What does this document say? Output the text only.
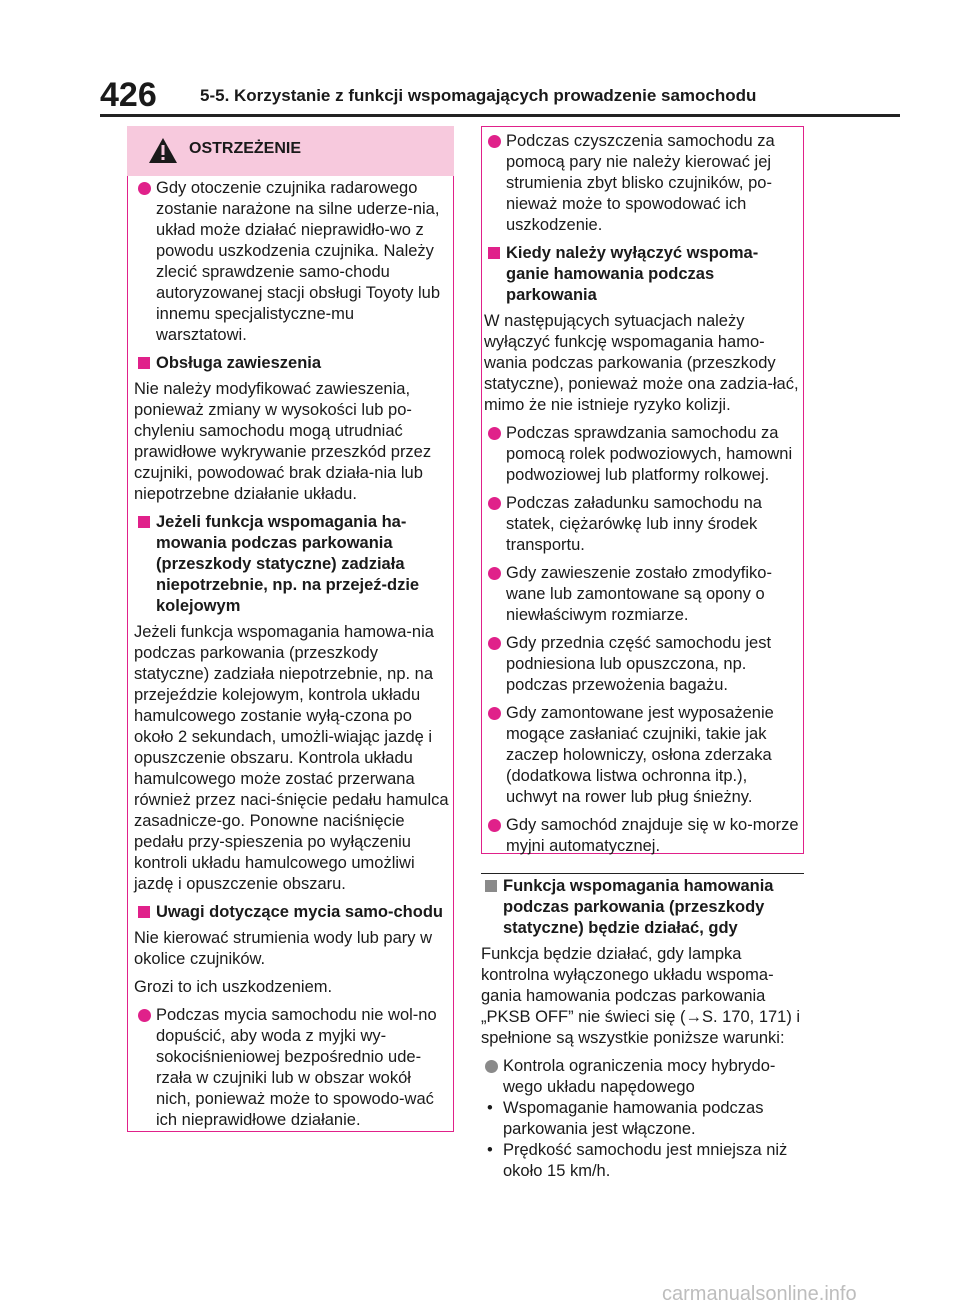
426	5-5. Korzystanie z funkcji wspomagających prowadzenie samochodu
OSTRZEŻENIE
Gdy otoczenie czujnika radarowego zostanie narażone na silne uderze-nia, układ może działać nieprawidło-wo z powodu uszkodzenia czujnika. Należy zlecić sprawdzenie samo-chodu autoryzowanej stacji obsługi Toyoty lub innemu specjalistyczne-mu warsztatowi.
Obsługa zawieszenia

Nie należy modyfikować zawieszenia, ponieważ zmiany w wysokości lub po-chyleniu samochodu mogą utrudniać prawidłowe wykrywanie przeszkód przez czujniki, powodować brak działa-nia lub niepotrzebne działanie układu.

Jeżeli funkcja wspomagania ha-mowania podczas parkowania (przeszkody statyczne) zadziała niepotrzebnie, np. na przejeź-dzie kolejowym

Jeżeli funkcja wspomagania hamowa-nia podczas parkowania (przeszkody statyczne) zadziała niepotrzebnie, np. na przejeździe kolejowym, kontrola układu hamulcowego zostanie wyłą-czona po około 2 sekundach, umożli-wiając jazdę i opuszczenie obszaru. Kontrola układu hamulcowego może zostać przerwana również przez naci-śnięcie pedału hamulca zasadnicze-go. Ponowne naciśnięcie pedału przy-spieszenia po wyłączeniu kontroli układu hamulcowego umożliwi jazdę i opuszczenie obszaru.

Uwagi dotyczące mycia samo-chodu

Nie kierować strumienia wody lub pary w okolice czujników.

Grozi to ich uszkodzeniem.

Podczas mycia samochodu nie wol-no dopuścić, aby woda z myjki wy-sokociśnieniowej bezpośrednio ude-rzała w czujniki lub w obszar wokół nich, ponieważ może to spowodo-wać ich nieprawidłowe działanie.
Podczas czyszczenia samochodu za pomocą pary nie należy kierować jej strumienia zbyt blisko czujników, po-nieważ może to spowodować ich uszkodzenie.
Kiedy należy wyłączyć wspoma-ganie hamowania podczas parkowania

W następujących sytuacjach należy wyłączyć funkcję wspomagania hamo-wania podczas parkowania (przeszkody statyczne), ponieważ może ona zadzia-łać, mimo że nie istnieje ryzyko kolizji.

Podczas sprawdzania samochodu za pomocą rolek podwoziowych, hamowni podwoziowej lub platformy rolkowej.
Podczas załadunku samochodu na statek, ciężarówkę lub inny środek transportu.
Gdy zawieszenie zostało zmodyfiko-wane lub zamontowane są opony o niewłaściwym rozmiarze.
Gdy przednia część samochodu jest podniesiona lub opuszczona, np. podczas przewożenia bagażu.
Gdy zamontowane jest wyposażenie mogące zasłaniać czujniki, takie jak zaczep holowniczy, osłona zderzaka (dodatkowa listwa ochronna itp.), uchwyt na rower lub pług śnieżny.
Gdy samochód znajduje się w ko-morze myjni automatycznej.
Funkcja wspomagania hamowania podczas parkowania (przeszkody statyczne) będzie działać, gdy

Funkcja będzie działać, gdy lampka kontrolna wyłączonego układu wspoma-gania hamowania podczas parkowania „PKSB OFF” nie świeci się (→S. 170, 171) i spełnione są wszystkie poniższe warunki:

Kontrola ograniczenia mocy hybrydo-wego układu napędowego
• Wspomaganie hamowania podczas parkowania jest włączone.
• Prędkość samochodu jest mniejsza niż około 15 km/h.
carmanualsonline.info
